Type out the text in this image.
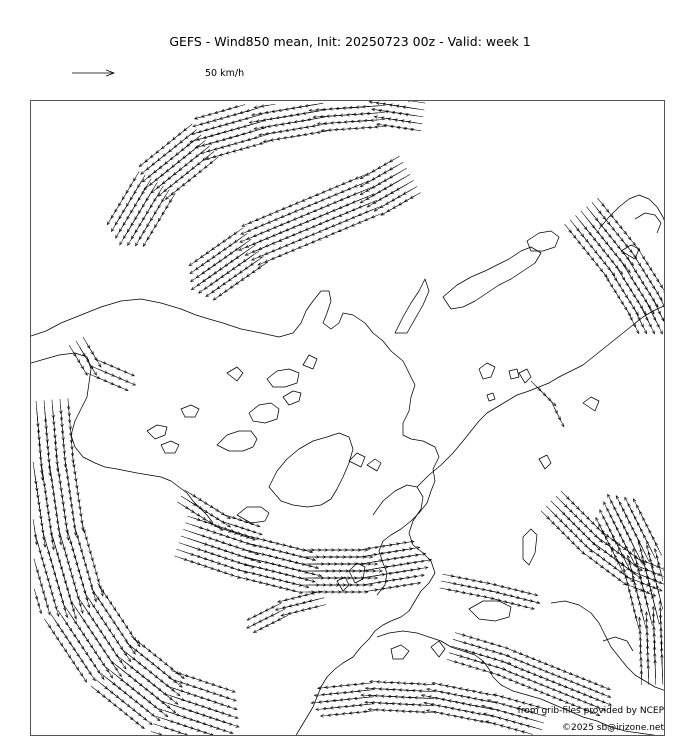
GEFS - Wind850 mean, Init: 20250723 00z - Valid: week 1
50 km/h
from grib-files provided by NCEP
©2025 sb@irizone.net
